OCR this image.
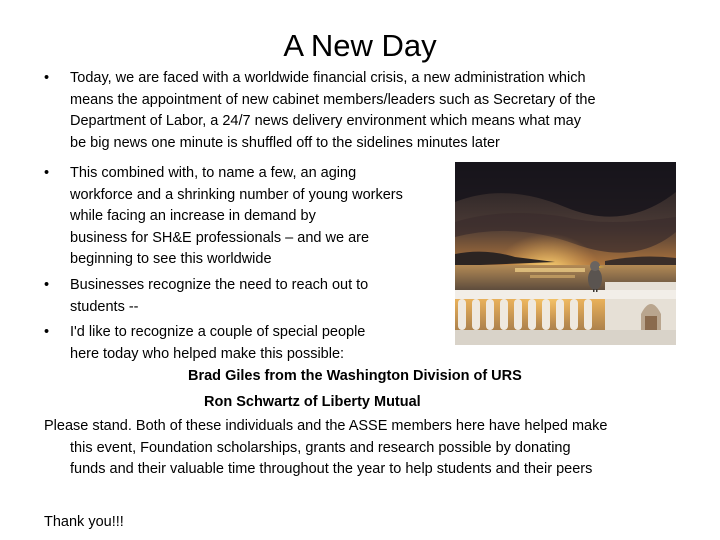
A New Day
• Today, we are faced with a worldwide financial crisis, a new administration which
means the appointment of new cabinet members/leaders such as Secretary of the
Department of Labor, a 24/7 news delivery environment which means what may
be big news one minute is shuffled off to the sidelines minutes later

• This combined with, to name a few, an aging
workforce and a shrinking number of young workers
while facing an increase in demand by
business for SH&E professionals – and we are
beginning to see this worldwide

• Businesses recognize the need to reach out to
students --

• I'd like to recognize a couple of special people
here today who helped make this possible:

Brad Giles from the Washington Division of URS

Ron Schwartz of Liberty Mutual

Please stand. Both of these individuals and the ASSE members here have helped make
this event, Foundation scholarships, grants and research possible by donating
funds and their valuable time throughout the year to help students and their peers

Thank you!!!
